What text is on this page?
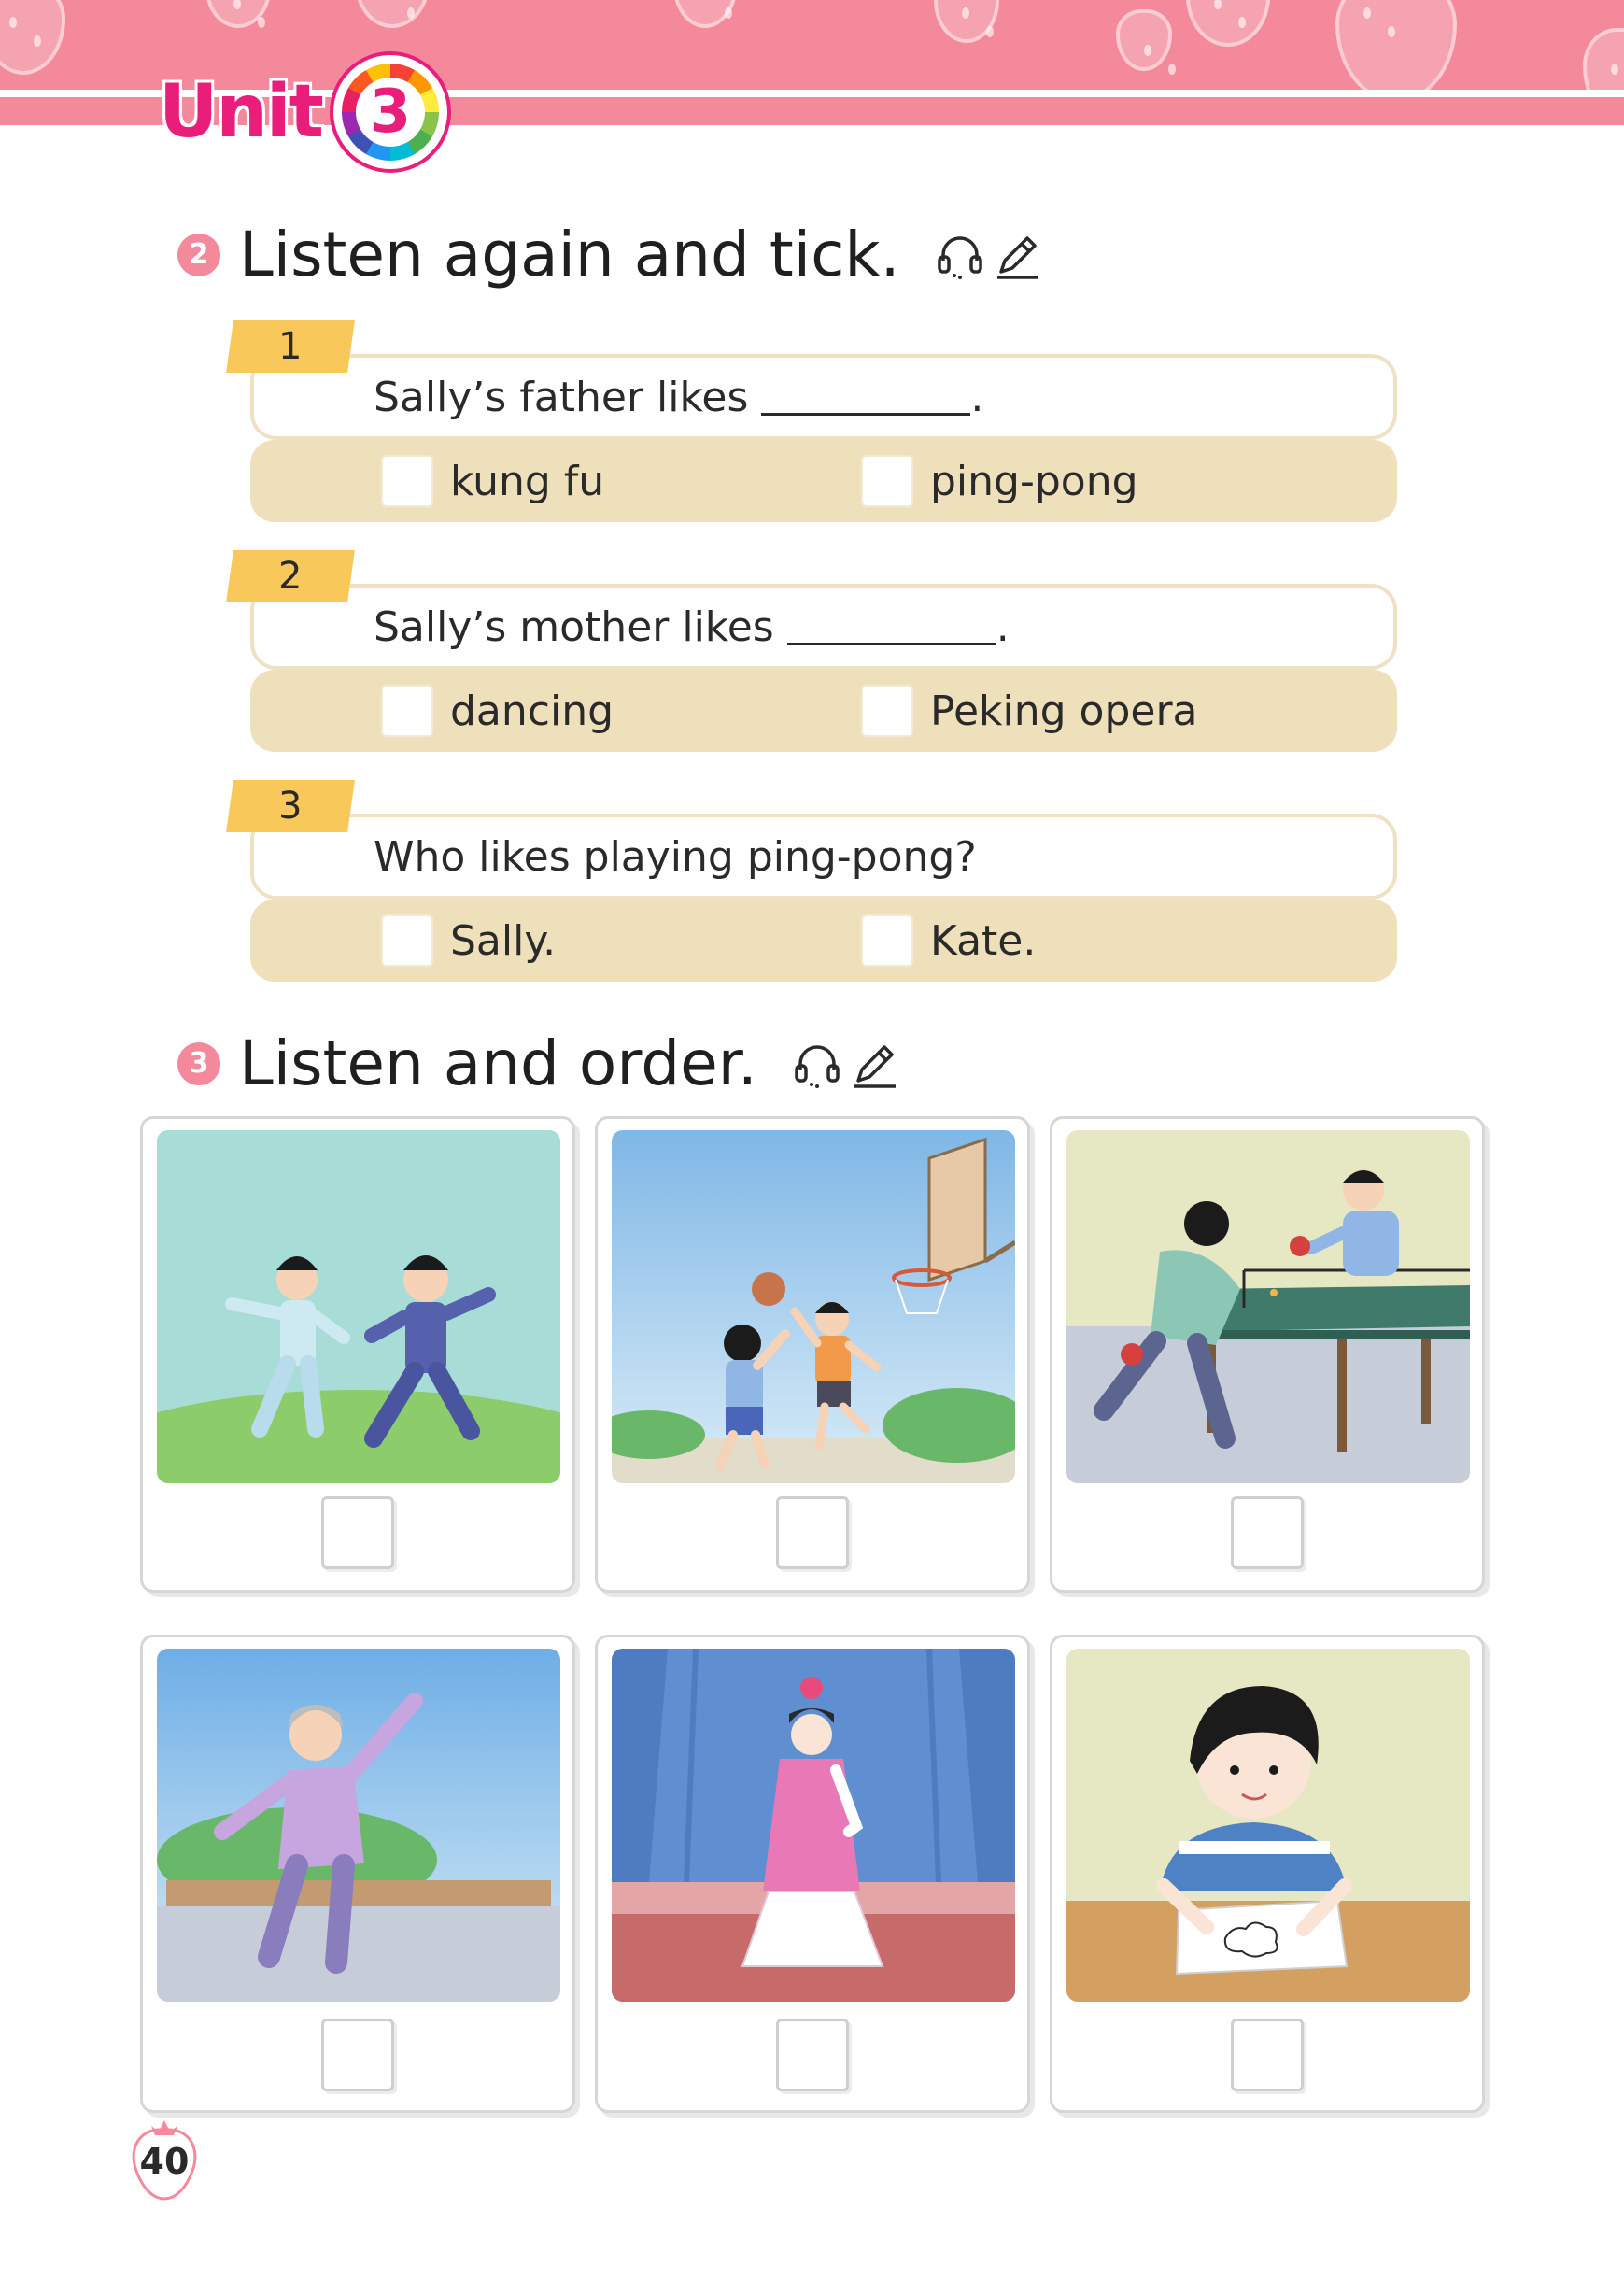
Unit 3
2 Listen again and tick.
Sally’s father likes	.
1
kung fu	ping-pong
Sally’s mother likes	.
2
dancing	Peking opera
Who likes playing ping-pong?
3
Sally.	Kate.
3 Listen and order.
40
